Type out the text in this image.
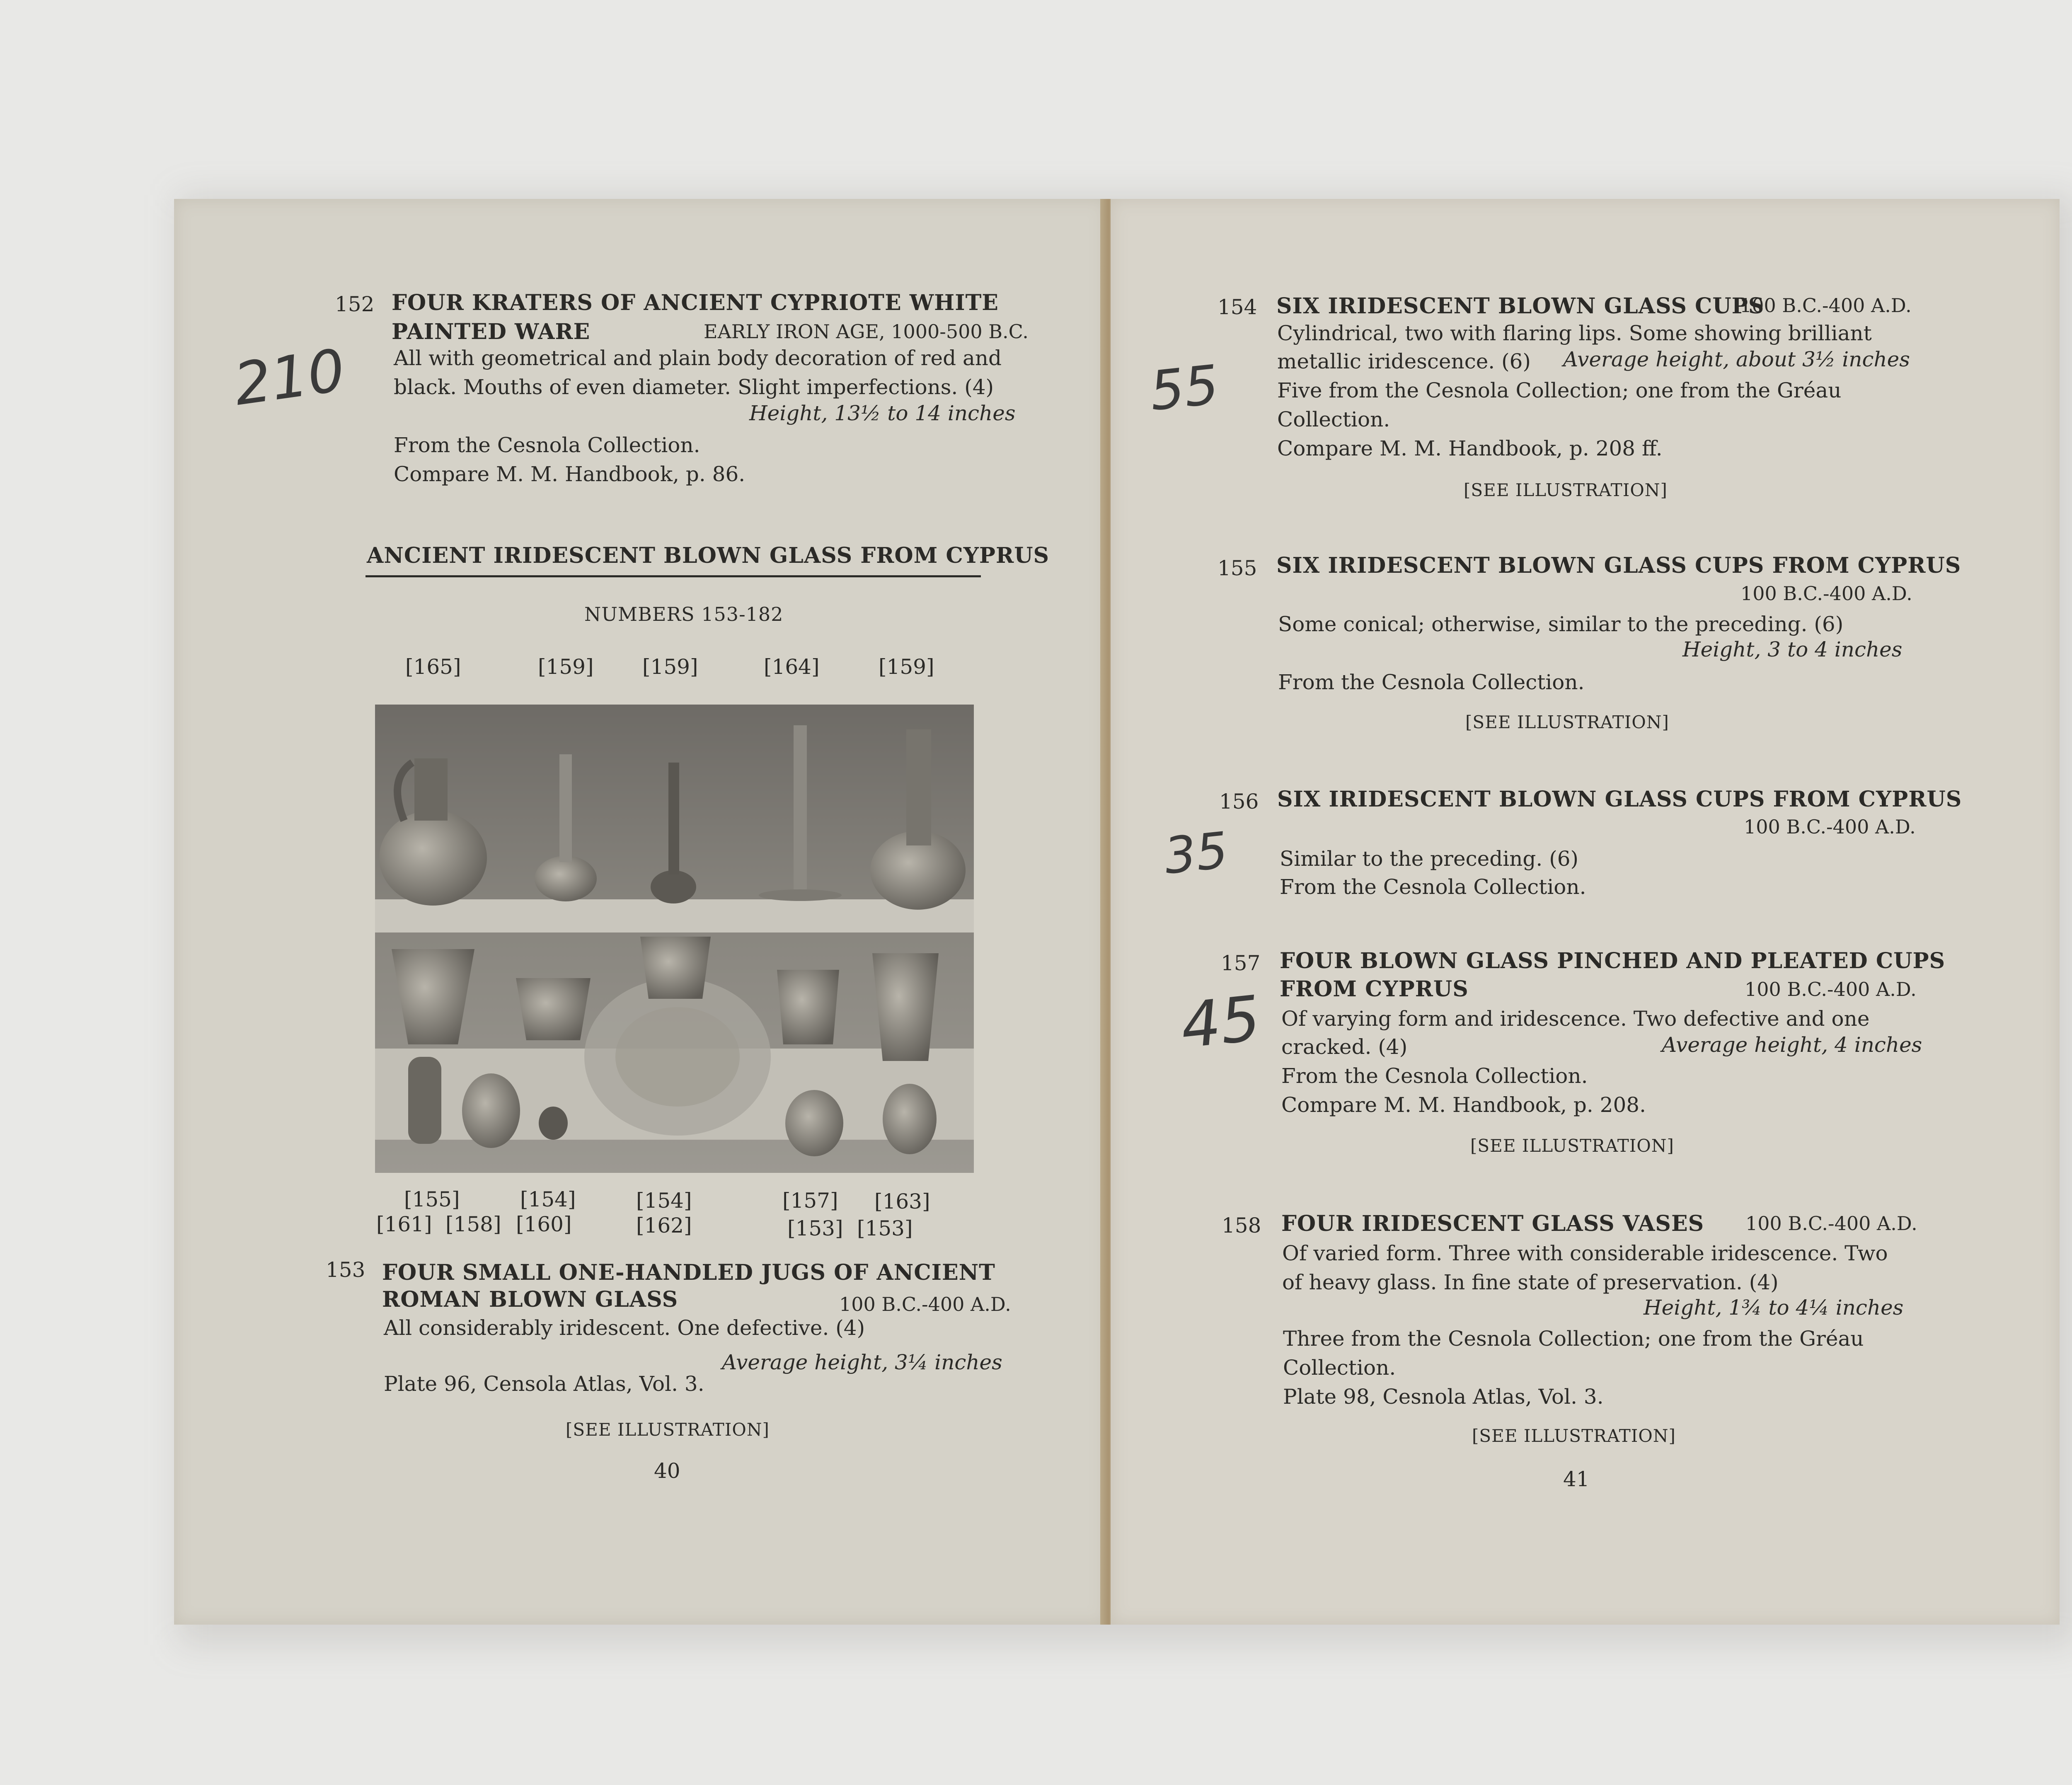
152 FOUR KRATERS OF ANCIENT CYPRIOTE WHITE
PAINTED WARE	EARLY IRON AGE, 1000-500 B.C.
All with geometrical and plain body decoration of red and
black. Mouths of even diameter. Slight imperfections. (4)
Height, 13½ to 14 inches
From the Cesnola Collection.
Compare M. M. Handbook, p. 86.
210
ANCIENT IRIDESCENT BLOWN GLASS FROM CYPRUS
NUMBERS 153-182
[165]	[159] [159]	[164]	[159]
[155]	[154]	[154]	[157] [163]
[161] [158] [160]	[162]	[153] [153]
153 FOUR SMALL ONE-HANDLED JUGS OF ANCIENT
ROMAN BLOWN GLASS	100 B.C.-400 A.D.
All considerably iridescent. One defective. (4)
Average height, 3¼ inches
Plate 96, Censola Atlas, Vol. 3.
[SEE ILLUSTRATION]
40
154 SIX IRIDESCENT BLOWN GLASS CUPS
100 B.C.-400 A.D.
Cylindrical, two with flaring lips. Some showing brilliant
metallic iridescence. (6) Average height, about 3½ inches
Five from the Cesnola Collection; one from the Gréau
Collection.
Compare M. M. Handbook, p. 208 ff.
[SEE ILLUSTRATION]
55
155 SIX IRIDESCENT BLOWN GLASS CUPS FROM CYPRUS
100 B.C.-400 A.D.
Some conical; otherwise, similar to the preceding. (6)
Height, 3 to 4 inches
From the Cesnola Collection.
[SEE ILLUSTRATION]
156 SIX IRIDESCENT BLOWN GLASS CUPS FROM CYPRUS
100 B.C.-400 A.D.
Similar to the preceding. (6)
From the Cesnola Collection.
35
157 FOUR BLOWN GLASS PINCHED AND PLEATED CUPS
FROM CYPRUS	100 B.C.-400 A.D.
Of varying form and iridescence. Two defective and one
cracked. (4)	Average height, 4 inches
From the Cesnola Collection.
Compare M. M. Handbook, p. 208.
[SEE ILLUSTRATION]
45
158 FOUR IRIDESCENT GLASS VASES 100 B.C.-400 A.D.
Of varied form. Three with considerable iridescence. Two
of heavy glass. In fine state of preservation. (4)
Height, 1¾ to 4¼ inches
Three from the Cesnola Collection; one from the Gréau
Collection.
Plate 98, Cesnola Atlas, Vol. 3.
[SEE ILLUSTRATION]
41
